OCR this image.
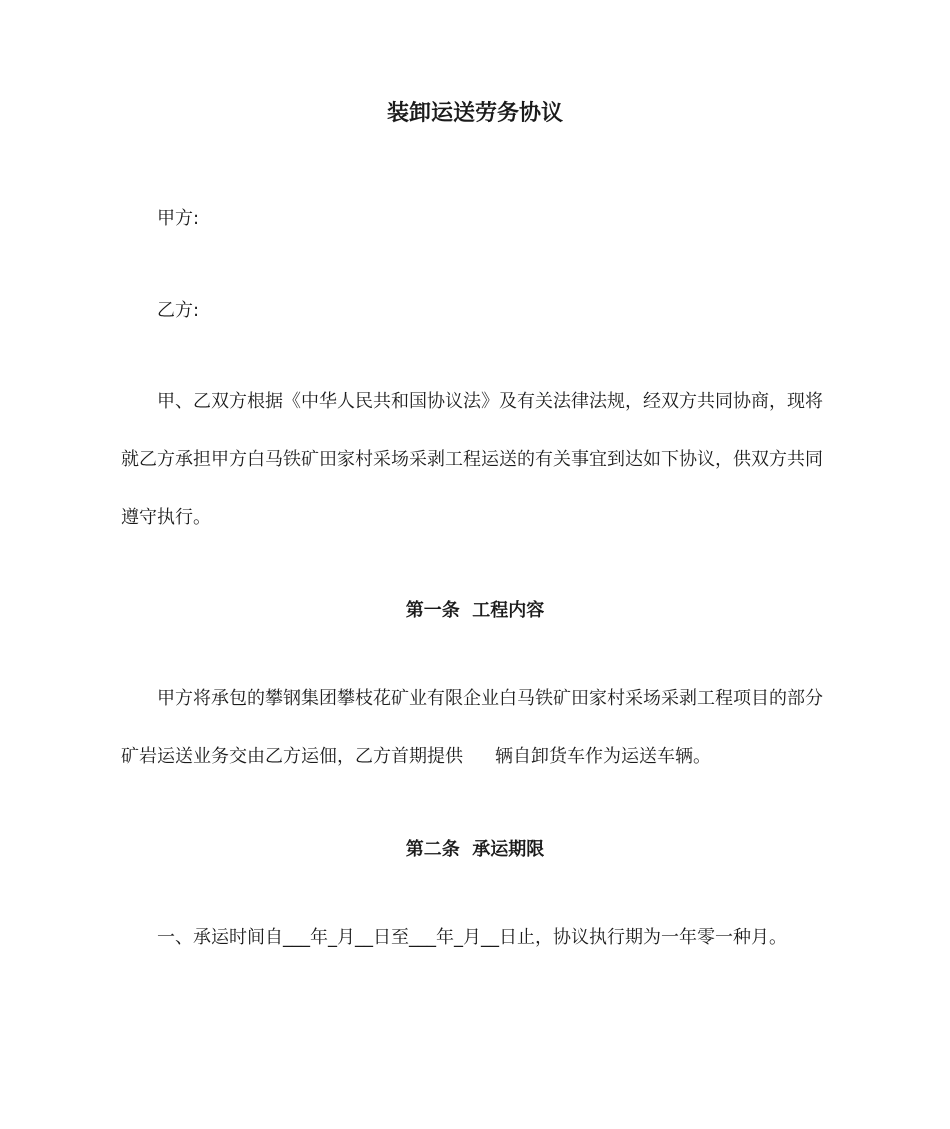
装卸运送劳务协议
甲方:
乙方:
甲、乙双方根据《中华人民共和国协议法》及有关法律法规，经双方共同协商，现将
就乙方承担甲方白马铁矿田家村采场采剥工程运送的有关事宜到达如下协议，供双方共同
遵守执行。
第一条  工程内容
甲方将承包的攀钢集团攀枝花矿业有限企业白马铁矿田家村采场采剥工程项目的部分
矿岩运送业务交由乙方运佃，乙方首期提供 辆自卸货车作为运送车辆。
第二条  承运期限
一、承运时间自___年_月__日至___年_月__日止，协议执行期为一年零一种月。
